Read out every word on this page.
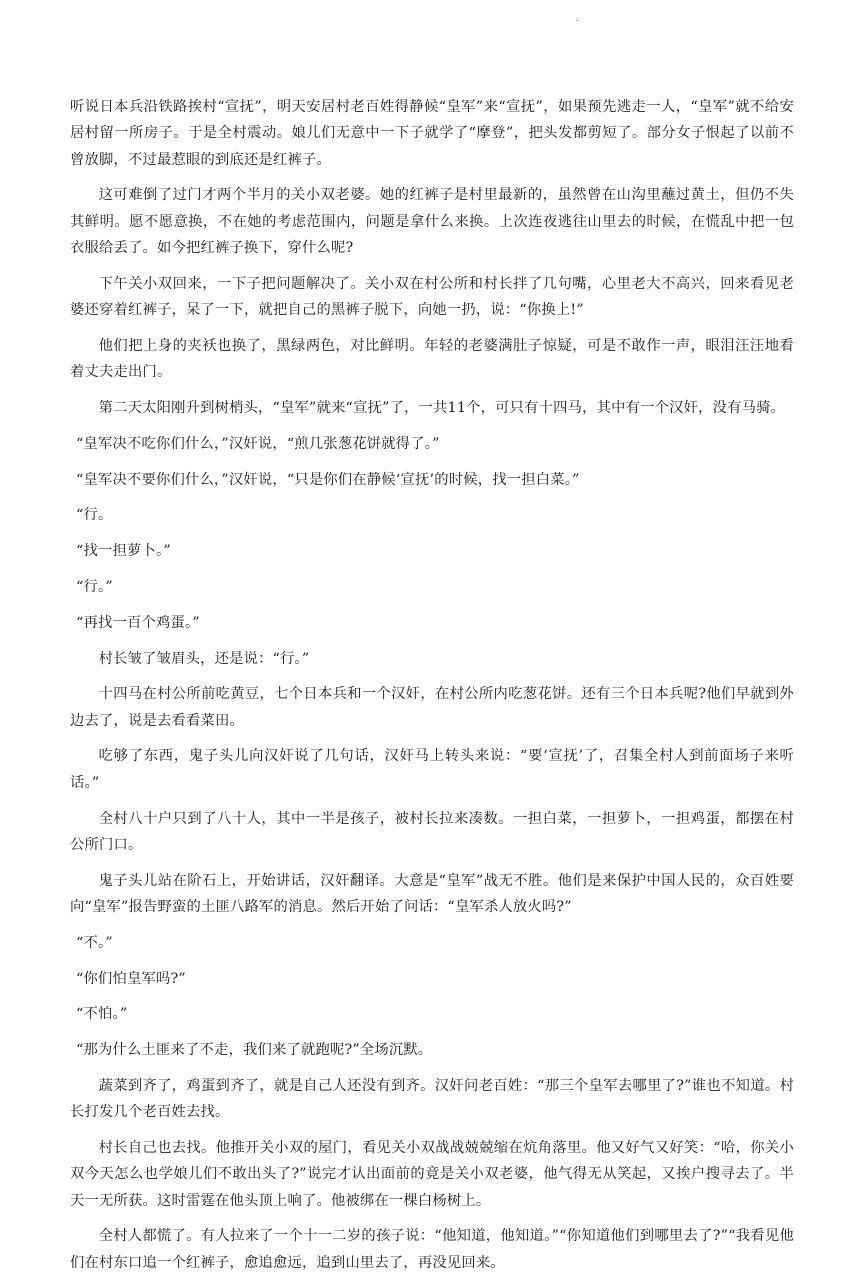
.

听说日本兵沿铁路挨村“宣抚”，明天安居村老百姓得静候“皇军”来“宣抚”，如果预先逃走一人，“皇军”就不给安居村留一所房子。于是全村震动。娘儿们无意中一下子就学了“摩登”，把头发都剪短了。部分女子恨起了以前不曾放脚，不过最惹眼的到底还是红裤子。

这可难倒了过门才两个半月的关小双老婆。她的红裤子是村里最新的，虽然曾在山沟里蘸过黄土，但仍不失其鲜明。愿不愿意换，不在她的考虑范围内，问题是拿什么来换。上次连夜逃往山里去的时候，在慌乱中把一包衣服给丢了。如今把红裤子换下，穿什么呢?

下午关小双回来，一下子把问题解决了。关小双在村公所和村长拌了几句嘴，心里老大不高兴，回来看见老婆还穿着红裤子，呆了一下，就把自己的黑裤子脱下，向她一扔，说：“你换上!”

他们把上身的夹袄也换了，黑绿两色，对比鲜明。年轻的老婆满肚子惊疑，可是不敢作一声，眼泪汪汪地看着丈夫走出门。

第二天太阳刚升到树梢头，“皇军”就来“宣抚”了，一共11个，可只有十四马，其中有一个汉奸，没有马骑。

“皇军决不吃你们什么，”汉奸说，“煎几张葱花饼就得了。”

“皇军决不要你们什么，”汉奸说，“只是你们在静候‘宣抚’的时候，找一担白菜。”

“行。

“找一担萝卜。”

“行。”

“再找一百个鸡蛋。”

村长皱了皱眉头，还是说：“行。”

十四马在村公所前吃黄豆，七个日本兵和一个汉奸，在村公所内吃葱花饼。还有三个日本兵呢?他们早就到外边去了，说是去看看菜田。

吃够了东西，鬼子头儿向汉奸说了几句话，汉奸马上转头来说：“要‘宣抚’了，召集全村人到前面场子来听话。”

全村八十户只到了八十人，其中一半是孩子，被村长拉来凑数。一担白菜，一担萝卜，一担鸡蛋，都摆在村公所门口。

鬼子头儿站在阶石上，开始讲话，汉奸翻译。大意是“皇军”战无不胜。他们是来保护中国人民的，众百姓要向“皇军”报告野蛮的土匪八路军的消息。然后开始了问话：“皇军杀人放火吗?”

“不。”

“你们怕皇军吗?”

“不怕。”

“那为什么土匪来了不走，我们来了就跑呢?”全场沉默。

蔬菜到齐了，鸡蛋到齐了，就是自己人还没有到齐。汉奸问老百姓：“那三个皇军去哪里了?”谁也不知道。村长打发几个老百姓去找。

村长自己也去找。他推开关小双的屋门，看见关小双战战兢兢缩在炕角落里。他又好气又好笑：“哈，你关小双今天怎么也学娘儿们不敢出头了?”说完才认出面前的竟是关小双老婆，他气得无从笑起，又挨户搜寻去了。半天一无所获。这时雷霆在他头顶上响了。他被绑在一棵白杨树上。

全村人都慌了。有人拉来了一个十一二岁的孩子说：“他知道，他知道。”“你知道他们到哪里去了?”“我看见他们在村东口追一个红裤子，愈追愈远，追到山里去了，再没见回来。
